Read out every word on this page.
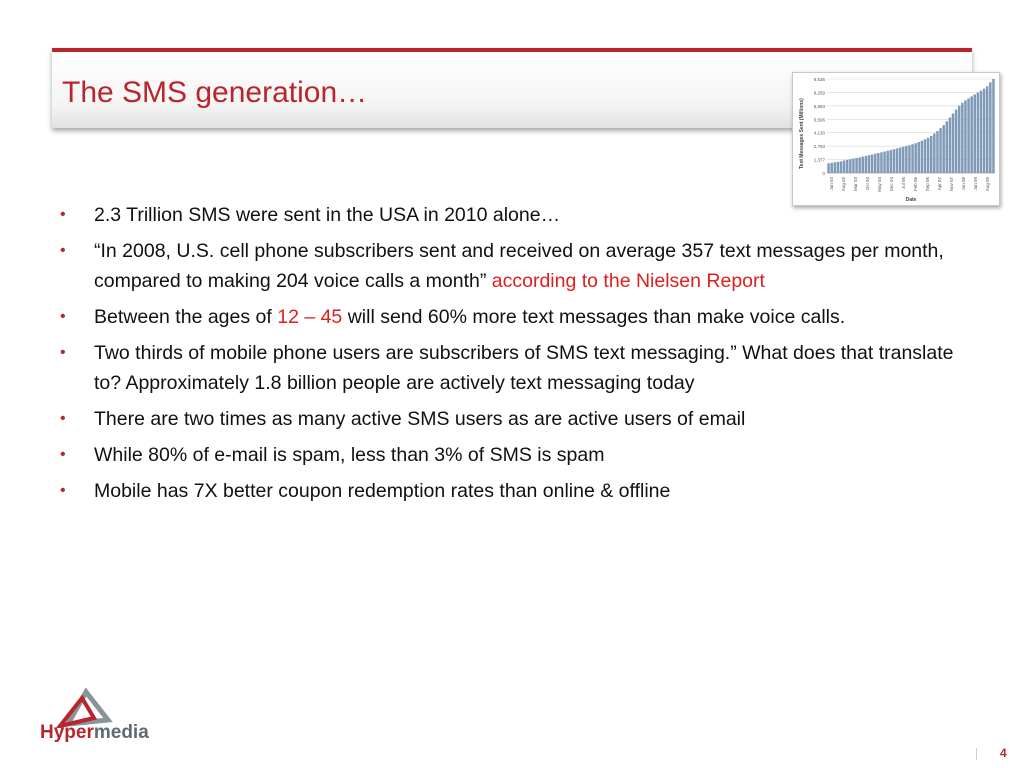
The SMS generation…
0
1,377
2,753
4,130
5,506
6,883
8,259
9,636
Text Messages Sent (Millions)
Jan 02 Aug 02 Mar 03 Oct 03 May 04 Dec 04 Jul 05 Feb 06 Sep 06 Apr 07 Nov 07 Jun 08 Jan 09 Aug 09
Date
• 2.3 Trillion SMS were sent in the USA in 2010 alone…
• “In 2008, U.S. cell phone subscribers sent and received on average 357 text messages per month, compared to making 204 voice calls a month” according to the Nielsen Report
• Between the ages of 12 – 45 will send 60% more text messages than make voice calls.
• Two thirds of mobile phone users are subscribers of SMS text messaging.” What does that translate to? Approximately 1.8 billion people are actively text messaging today
• There are two times as many active SMS users as are active users of email
• While 80% of e-mail is spam, less than 3% of SMS is spam
• Mobile has 7X better coupon redemption rates than online & offline
Hypermedia
4
